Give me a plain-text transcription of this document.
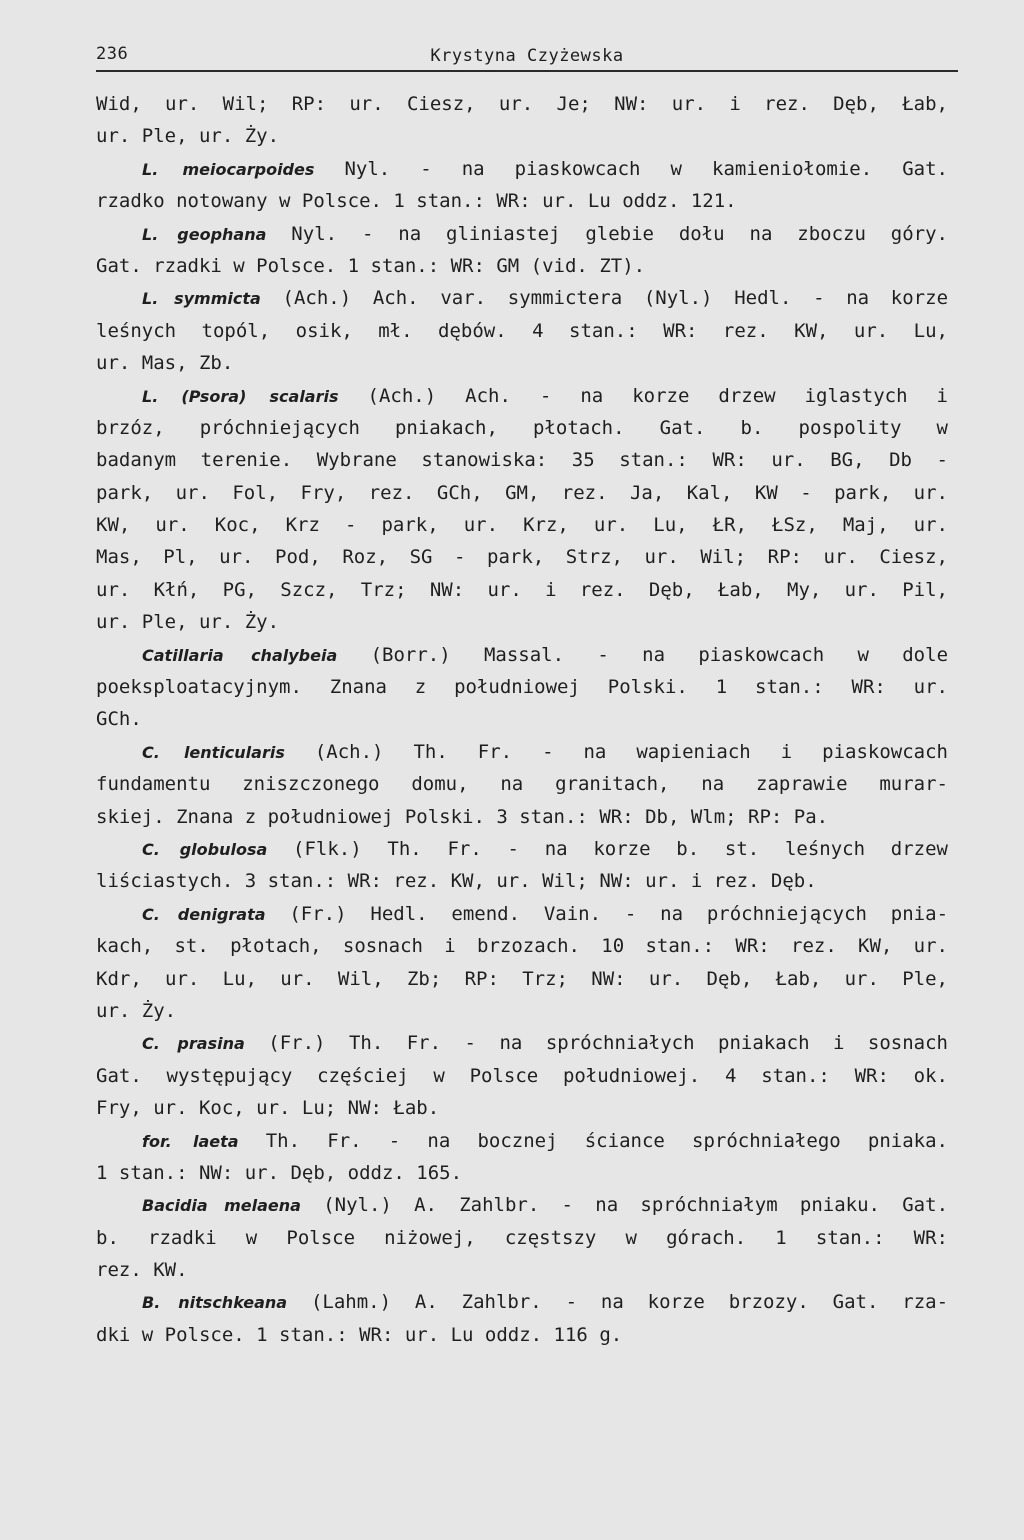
236	Krystyna Czyżewska
Wid, ur. Wil; RP: ur. Ciesz, ur. Je; NW: ur. i rez. Dęb, Łab,
ur. Ple, ur. Ży.
L. meiocarpoides Nyl. - na piaskowcach w kamieniołomie. Gat.
rzadko notowany w Polsce. 1 stan.: WR: ur. Lu oddz. 121.
L. geophana Nyl. - na gliniastej glebie dołu na zboczu góry.
Gat. rzadki w Polsce. 1 stan.: WR: GM (vid. ZT).
L. symmicta (Ach.) Ach. var. symmictera (Nyl.) Hedl. - na korze
leśnych topól, osik, mł. dębów. 4 stan.: WR: rez. KW, ur. Lu,
ur. Mas, Zb.
L. (Psora) scalaris (Ach.) Ach. - na korze drzew iglastych i
brzóz, próchniejących pniakach, płotach. Gat. b. pospolity w
badanym terenie. Wybrane stanowiska: 35 stan.: WR: ur. BG, Db -
park, ur. Fol, Fry, rez. GCh, GM, rez. Ja, Kal, KW - park, ur.
KW, ur. Koc, Krz - park, ur. Krz, ur. Lu, ŁR, ŁSz, Maj, ur.
Mas, Pl, ur. Pod, Roz, SG - park, Strz, ur. Wil; RP: ur. Ciesz,
ur. Kłń, PG, Szcz, Trz; NW: ur. i rez. Dęb, Łab, My, ur. Pil,
ur. Ple, ur. Ży.
Catillaria chalybeia (Borr.) Massal. - na piaskowcach w dole
poeksploatacyjnym. Znana z południowej Polski. 1 stan.: WR: ur.
GCh.
C. lenticularis (Ach.) Th. Fr. - na wapieniach i piaskowcach
fundamentu zniszczonego domu, na granitach, na zaprawie murar-
skiej. Znana z południowej Polski. 3 stan.: WR: Db, Wlm; RP: Pa.
C. globulosa (Flk.) Th. Fr. - na korze b. st. leśnych drzew
liściastych. 3 stan.: WR: rez. KW, ur. Wil; NW: ur. i rez. Dęb.
C. denigrata (Fr.) Hedl. emend. Vain. - na próchniejących pnia-
kach, st. płotach, sosnach i brzozach. 10 stan.: WR: rez. KW, ur.
Kdr, ur. Lu, ur. Wil, Zb; RP: Trz; NW: ur. Dęb, Łab, ur. Ple,
ur. Ży.
C. prasina (Fr.) Th. Fr. - na spróchniałych pniakach i sosnach
Gat. występujący częściej w Polsce południowej. 4 stan.: WR: ok.
Fry, ur. Koc, ur. Lu; NW: Łab.
for. laeta Th. Fr. - na bocznej ściance spróchniałego pniaka.
1 stan.: NW: ur. Dęb, oddz. 165.
Bacidia melaena (Nyl.) A. Zahlbr. - na spróchniałym pniaku. Gat.
b. rzadki w Polsce niżowej, częstszy w górach. 1 stan.: WR:
rez. KW.
B. nitschkeana (Lahm.) A. Zahlbr. - na korze brzozy. Gat. rza-
dki w Polsce. 1 stan.: WR: ur. Lu oddz. 116 g.
